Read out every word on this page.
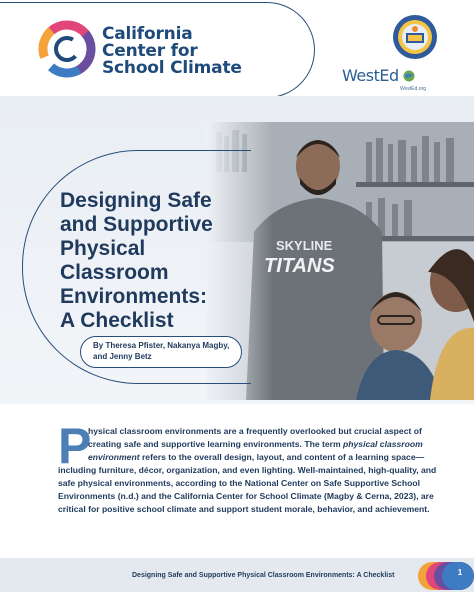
California
Center for
School Climate	WestEd
WestEd.org
Designing Safe
and Supportive
Physical
Classroom
Environments:
A Checklist
By Theresa Pfister, Nakanya Magby,
and Jenny Betz
P
hysical classroom environments are a frequently overlooked but crucial aspect of
creating safe and supportive learning environments. The term physical classroom
environment refers to the overall design, layout, and content of a learning space—
including furniture, décor, organization, and even lighting. Well-maintained, high-quality, and
safe physical environments, according to the National Center on Safe Supportive School
Environments (n.d.) and the California Center for School Climate (Magby & Cerna, 2023), are
critical for positive school climate and support student morale, behavior, and achievement.
Designing Safe and Supportive Physical Classroom Environments: A Checklist	1
